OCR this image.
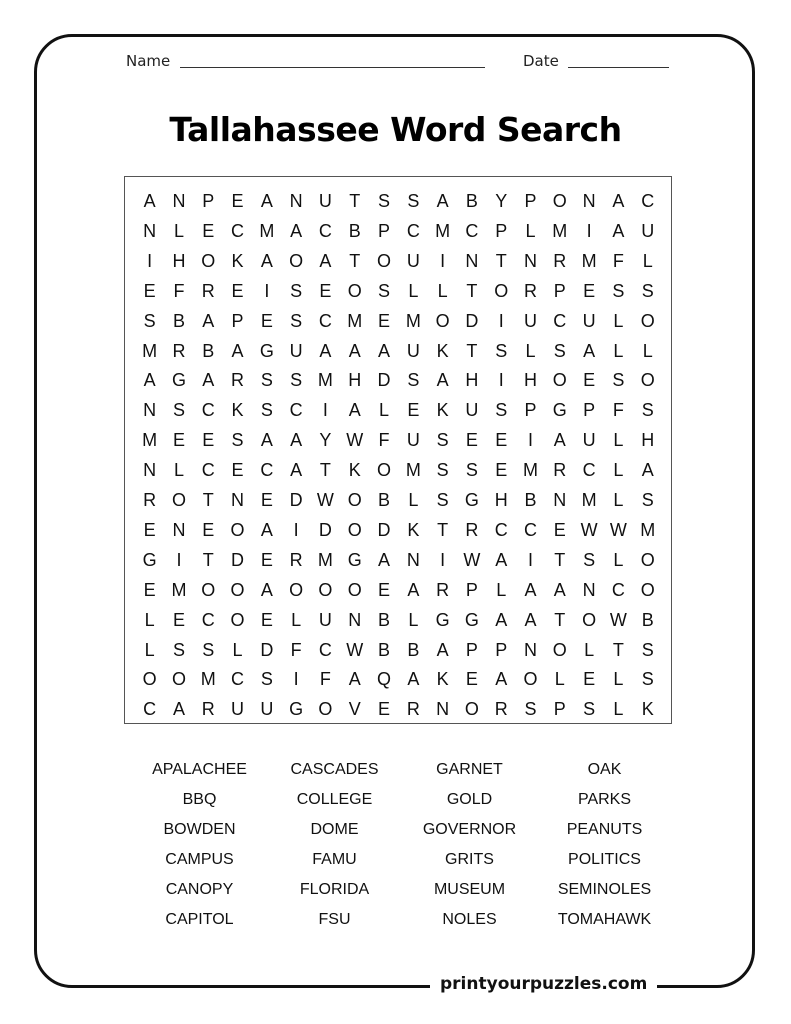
Name	Date
Tallahassee Word Search
A N P E A N U T S S A B Y P O N A C
N L	E C M A C B P C M C P	L M	I	A U
I	H O K A O A T O U	I	N T N R M F	L
E F R E	I	S E O S	L	L	T O R P E S S
S B A P E S C M E M O D	I	U C U L O
M R B A G U A A A U K T S	L	S A	L	L
A G A R S S M H D S A H	I	H O E S O
N S C K S C	I	A	L	E K U S P G P F S
M E E S A A Y W F U S E E	I	A U L H
N L C E C A T K O M S S E M R C L	A
R O T N E D W O B	L	S G H B N M L	S
E N E O A	I	D O D K T R C C E W W M
G	I	T D E R M G A N	I	W A	I	T S	L O
E M O O A O O O E A R P	L	A A N C O
L	E C O E	L U N B	L G G A A T O W B
L	S S	L D F C W B B A P P N O L	T S
O O M C S	I	F A Q A K E A O L	E	L	S
C A R U U G O V E R N O R S P S	L	K
APALACHEE	CASCADES	GARNET	OAK
BBQ	COLLEGE	GOLD	PARKS
BOWDEN	DOME	GOVERNOR	PEANUTS
CAMPUS	FAMU	GRITS	POLITICS
CANOPY	FLORIDA	MUSEUM	SEMINOLES
CAPITOL	FSU	NOLES	TOMAHAWK
printyourpuzzles.com
